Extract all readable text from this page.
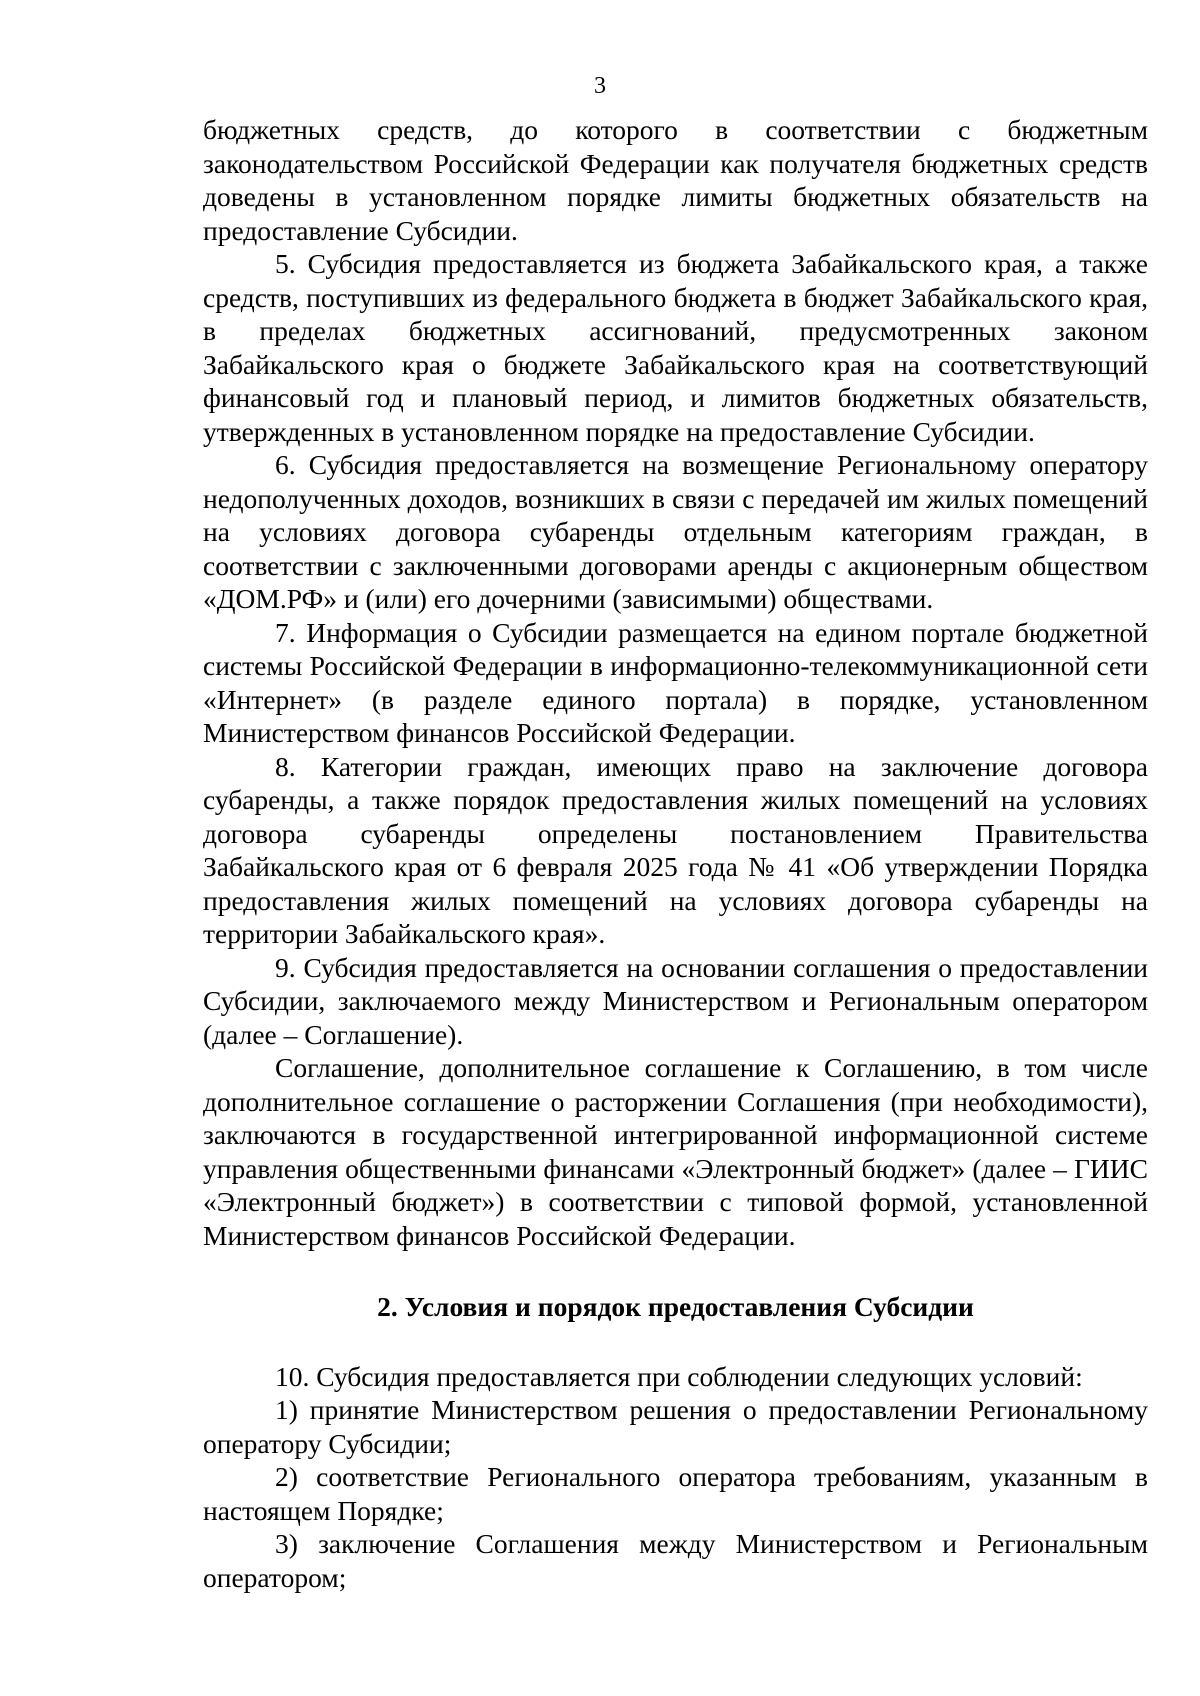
3

бюджетных средств, до которого в соответствии с бюджетным законодательством Российской Федерации как получателя бюджетных средств доведены в установленном порядке лимиты бюджетных обязательств на предоставление Субсидии.

5. Субсидия предоставляется из бюджета Забайкальского края, а также средств, поступивших из федерального бюджета в бюджет Забайкальского края, в пределах бюджетных ассигнований, предусмотренных законом Забайкальского края о бюджете Забайкальского края на соответствующий финансовый год и плановый период, и лимитов бюджетных обязательств, утвержденных в установленном порядке на предоставление Субсидии.

6. Субсидия предоставляется на возмещение Региональному оператору недополученных доходов, возникших в связи с передачей им жилых помещений на условиях договора субаренды отдельным категориям граждан, в соответствии с заключенными договорами аренды с акционерным обществом «ДОМ.РФ» и (или) его дочерними (зависимыми) обществами.

7. Информация о Субсидии размещается на едином портале бюджетной системы Российской Федерации в информационно-телекоммуникационной сети «Интернет» (в разделе единого портала) в порядке, установленном Министерством финансов Российской Федерации.

8. Категории граждан, имеющих право на заключение договора субаренды, а также порядок предоставления жилых помещений на условиях договора субаренды определены постановлением Правительства Забайкальского края от 6 февраля 2025 года № 41 «Об утверждении Порядка предоставления жилых помещений на условиях договора субаренды на территории Забайкальского края».

9. Субсидия предоставляется на основании соглашения о предоставлении Субсидии, заключаемого между Министерством и Региональным оператором (далее – Соглашение).

Соглашение, дополнительное соглашение к Соглашению, в том числе дополнительное соглашение о расторжении Соглашения (при необходимости), заключаются в государственной интегрированной информационной системе управления общественными финансами «Электронный бюджет» (далее – ГИИС «Электронный бюджет») в соответствии с типовой формой, установленной Министерством финансов Российской Федерации.

2. Условия и порядок предоставления Субсидии

10. Субсидия предоставляется при соблюдении следующих условий:

1) принятие Министерством решения о предоставлении Региональному оператору Субсидии;

2) соответствие Регионального оператора требованиям, указанным в настоящем Порядке;

3) заключение Соглашения между Министерством и Региональным оператором;
